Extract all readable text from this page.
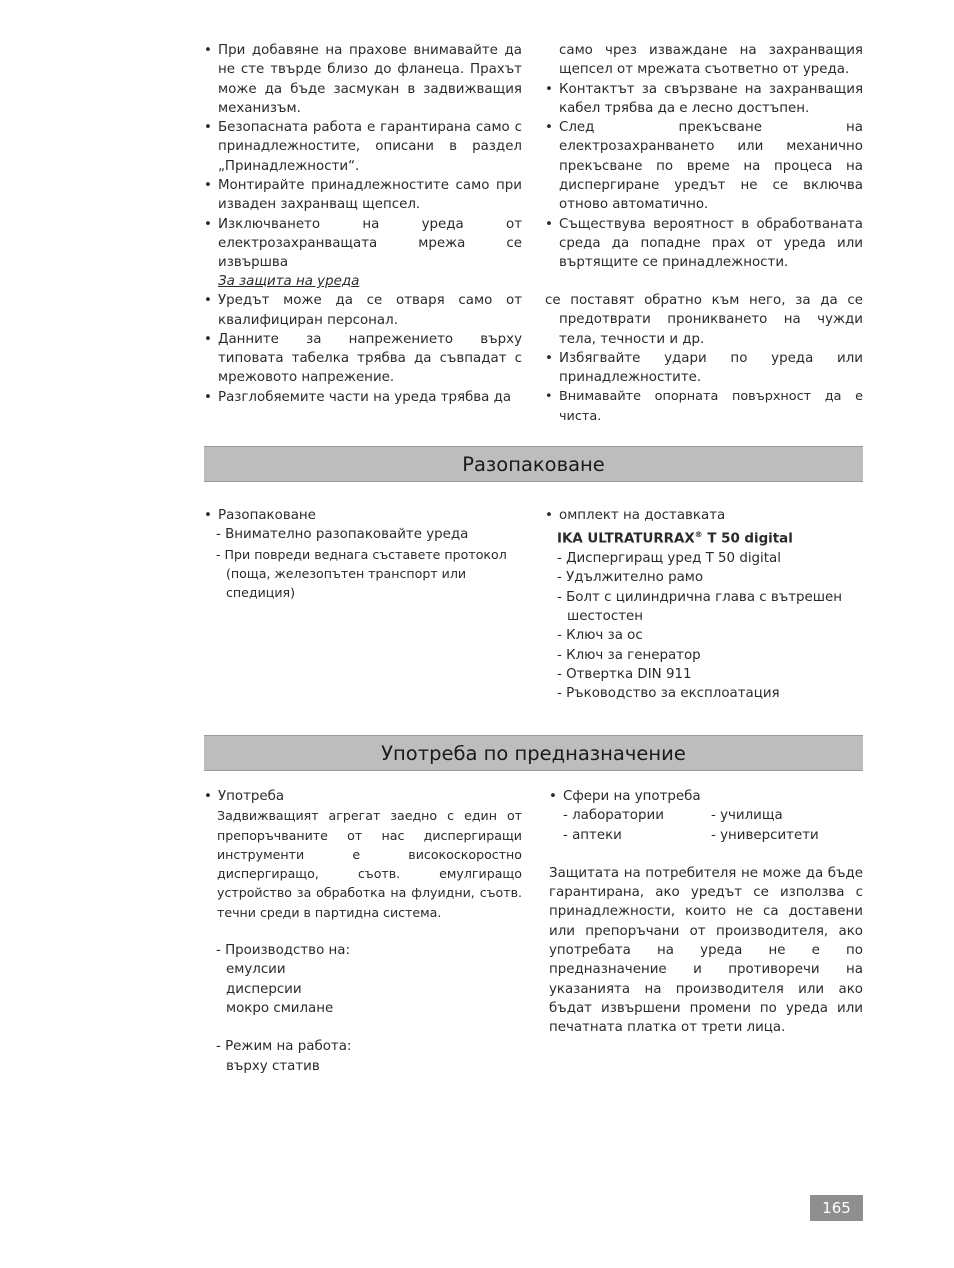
• При добавяне на прахове внимавайте да не сте твърде близо до фланеца. Прахът може да бъде засмукан в задвижващия механизъм.

• Безопасната работа е гарантирана само с принадлежностите, описани в раздел „Принадлежности“.

• Монтирайте принадлежностите само при изваден захранващ щепсел.

• Изключването на уреда от електрозахранващата мрежа се извършва

само чрез изваждане на захранващия щепсел от мрежата съответно от уреда.

• Контактът за свързване на захранващия кабел трябва да е лесно достъпен.

• След прекъсване на електрозахранването или механично прекъсване по време на процеса на диспергиране уредът не се включва отново автоматично.

• Съществува вероятност в обработваната среда да попадне прах от уреда или въртящите се принадлежности.

За защита на уреда

• Уредът може да се отваря само от квалифициран персонал.

• Данните за напрежението върху типовата табелка трябва да съвпадат с мрежовото напрежение.

• Разглобяемите части на уреда трябва да

се поставят обратно към него, за да се предотврати проникването на чужди тела, течности и др.

• Избягвайте удари по уреда или принадлежностите.

• Внимавайте опорната повърхност да е чиста.

Разопаковане

• Разопаковане

- Внимателно разопаковайте уреда

- При повреди веднага съставете протокол

(поща, железопътен транспорт или спедиция)

• омплект на доставката

IKA ULTRATURRAX® T 50 digital

- Диспергиращ уред T 50 digital

- Удължително рамо

- Болт с цилиндрична глава с вътрешен

шестостен

- Ключ за ос

- Ключ за генератор

- Отвертка DIN 911

- Ръководство за експлоатация

Употреба по предназначение

• Употреба

Задвижващият агрегат заедно с един от препоръчваните от нас диспергиращи инструменти е високоскоростно диспергиращо, съотв. емулгиращо устройство за обработка на флуидни, съотв. течни среди в партидна система.

- Производство на:

емулсии

дисперсии

мокро смилане

- Режим на работа:

върху статив

• Сфери на употреба

- лаборатории
- аптеки
- училища
- университети

Защитата на потребителя не може да бъде гарантирана, ако уредът се използва с принадлежности, които не са доставени или препоръчани от производителя, ако употребата на уреда не е по предназначение и противоречи на указанията на производителя или ако бъдат извършени промени по уреда или печатната платка от трети лица.

165
